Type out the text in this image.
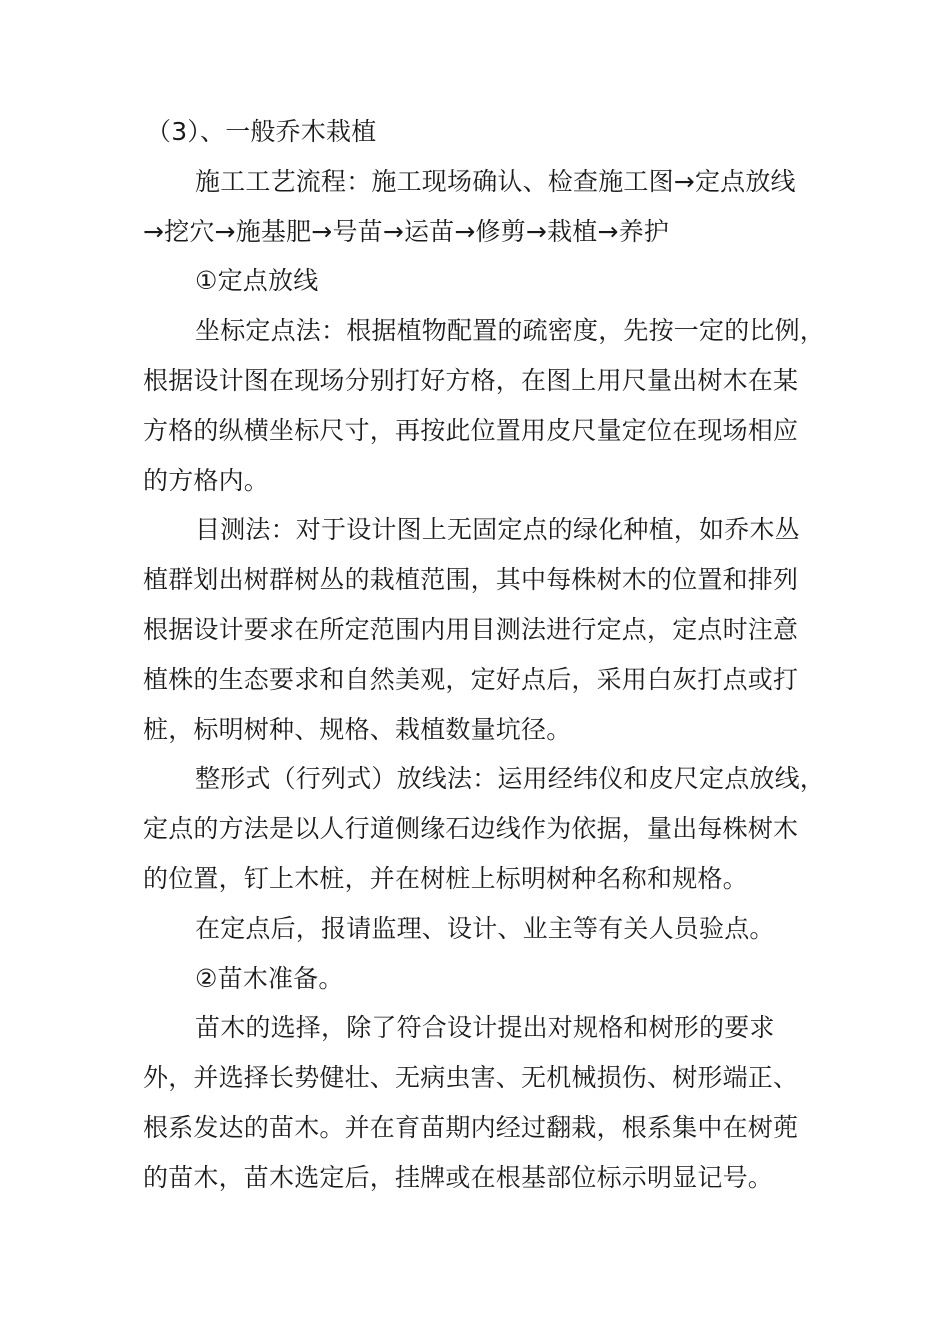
（3）、一般乔木栽植
施工工艺流程：施工现场确认、检查施工图→定点放线
→挖穴→施基肥→号苗→运苗→修剪→栽植→养护
①定点放线
坐标定点法：根据植物配置的疏密度，先按一定的比例，
根据设计图在现场分别打好方格，在图上用尺量出树木在某
方格的纵横坐标尺寸，再按此位置用皮尺量定位在现场相应
的方格内。
目测法：对于设计图上无固定点的绿化种植，如乔木丛
植群划出树群树丛的栽植范围，其中每株树木的位置和排列
根据设计要求在所定范围内用目测法进行定点，定点时注意
植株的生态要求和自然美观，定好点后，采用白灰打点或打
桩，标明树种、规格、栽植数量坑径。
整形式（行列式）放线法：运用经纬仪和皮尺定点放线，
定点的方法是以人行道侧缘石边线作为依据，量出每株树木
的位置，钉上木桩，并在树桩上标明树种名称和规格。
在定点后，报请监理、设计、业主等有关人员验点。
②苗木准备。
苗木的选择，除了符合设计提出对规格和树形的要求
外，并选择长势健壮、无病虫害、无机械损伤、树形端正、
根系发达的苗木。并在育苗期内经过翻栽，根系集中在树蔸
的苗木，苗木选定后，挂牌或在根基部位标示明显记号。
